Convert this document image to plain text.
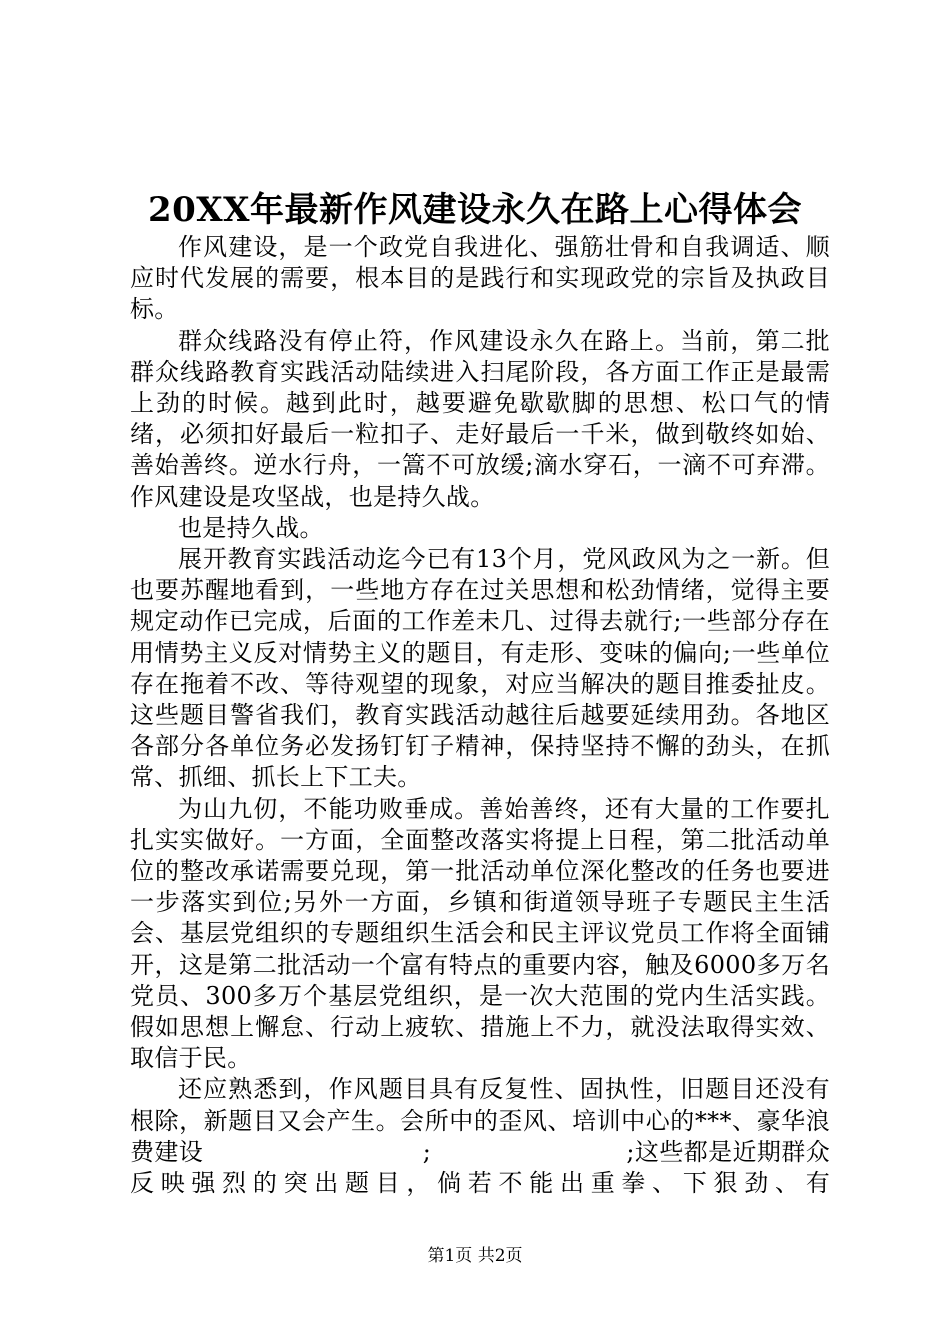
20XX年最新作风建设永久在路上心得体会

作风建设，是一个政党自我进化、强筋壮骨和自我调适、顺应时代发展的需要，根本目的是践行和实现政党的宗旨及执政目标。

群众线路没有停止符，作风建设永久在路上。当前，第二批群众线路教育实践活动陆续进入扫尾阶段，各方面工作正是最需上劲的时候。越到此时，越要避免歇歇脚的思想、松口气的情绪，必须扣好最后一粒扣子、走好最后一千米，做到敬终如始、善始善终。逆水行舟，一篙不可放缓;滴水穿石，一滴不可弃滞。作风建设是攻坚战，也是持久战。

也是持久战。

展开教育实践活动迄今已有13个月，党风政风为之一新。但也要苏醒地看到，一些地方存在过关思想和松劲情绪，觉得主要规定动作已完成，后面的工作差未几、过得去就行;一些部分存在用情势主义反对情势主义的题目，有走形、变味的偏向;一些单位存在拖着不改、等待观望的现象，对应当解决的题目推委扯皮。这些题目警省我们，教育实践活动越往后越要延续用劲。各地区各部分各单位务必发扬钉钉子精神，保持坚持不懈的劲头，在抓常、抓细、抓长上下工夫。

为山九仞，不能功败垂成。善始善终，还有大量的工作要扎扎实实做好。一方面，全面整改落实将提上日程，第二批活动单位的整改承诺需要兑现，第一批活动单位深化整改的任务也要进一步落实到位;另外一方面，乡镇和街道领导班子专题民主生活会、基层党组织的专题组织生活会和民主评议党员工作将全面铺开，这是第二批活动一个富有特点的重要内容，触及6000多万名党员、300多万个基层党组织，是一次大范围的党内生活实践。假如思想上懈怠、行动上疲软、措施上不力，就没法取得实效、取信于民。

还应熟悉到，作风题目具有反复性、固执性，旧题目还没有根除，新题目又会产生。会所中的歪风、培训中心的***、豪华浪费建设　　　　　　　　　;　　　　　　　　;这些都是近期群众反映强烈的突出题目，倘若不能出重拳、下狠劲、有

第1页 共2页
